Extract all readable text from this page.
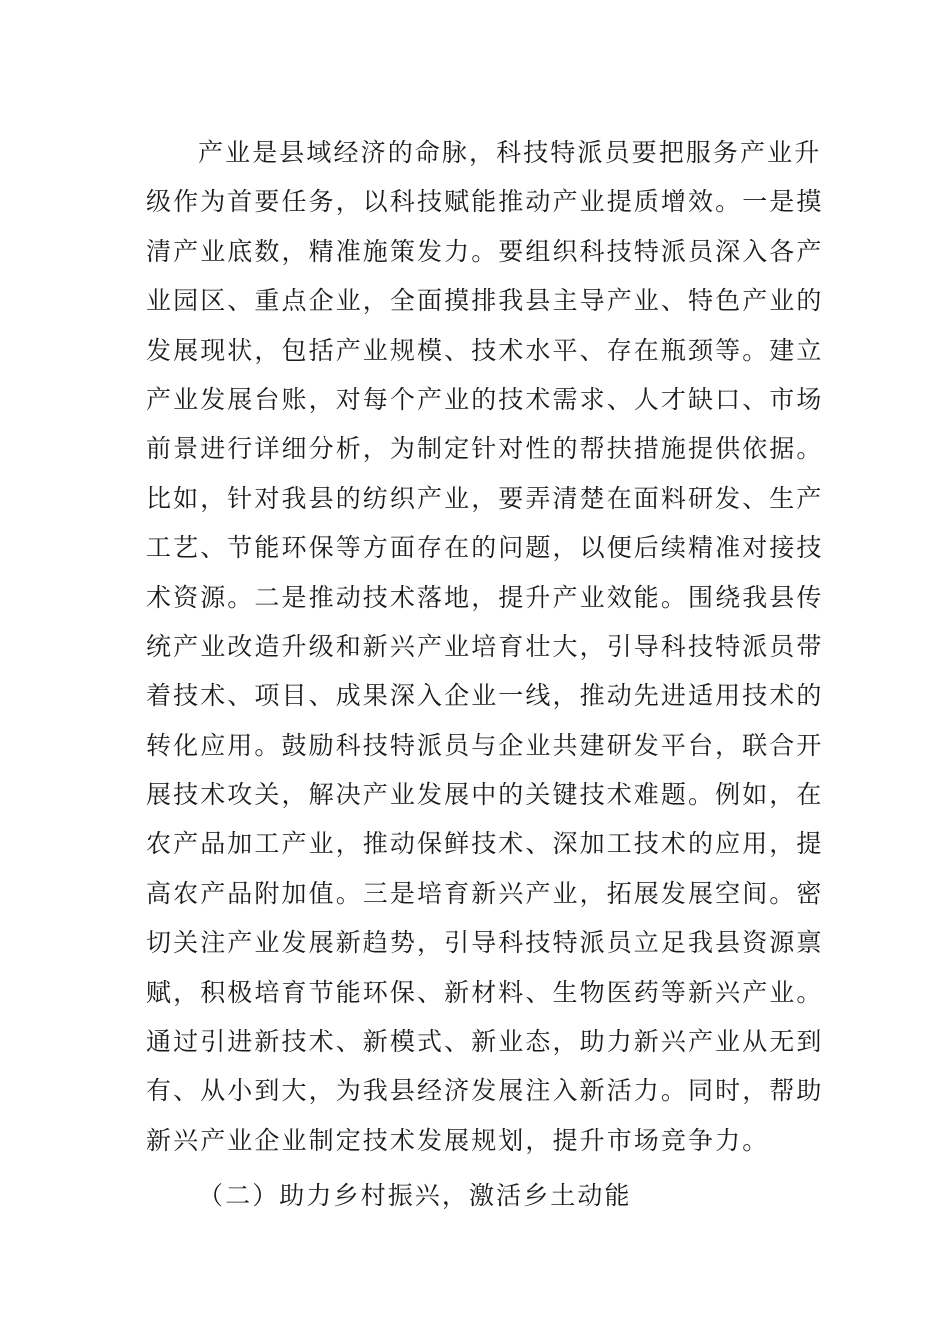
产业是县域经济的命脉，科技特派员要把服务产业升
级作为首要任务，以科技赋能推动产业提质增效。一是摸
清产业底数，精准施策发力。要组织科技特派员深入各产
业园区、重点企业，全面摸排我县主导产业、特色产业的
发展现状，包括产业规模、技术水平、存在瓶颈等。建立
产业发展台账，对每个产业的技术需求、人才缺口、市场
前景进行详细分析，为制定针对性的帮扶措施提供依据。
比如，针对我县的纺织产业，要弄清楚在面料研发、生产
工艺、节能环保等方面存在的问题，以便后续精准对接技
术资源。二是推动技术落地，提升产业效能。围绕我县传
统产业改造升级和新兴产业培育壮大，引导科技特派员带
着技术、项目、成果深入企业一线，推动先进适用技术的
转化应用。鼓励科技特派员与企业共建研发平台，联合开
展技术攻关，解决产业发展中的关键技术难题。例如，在
农产品加工产业，推动保鲜技术、深加工技术的应用，提
高农产品附加值。三是培育新兴产业，拓展发展空间。密
切关注产业发展新趋势，引导科技特派员立足我县资源禀
赋，积极培育节能环保、新材料、生物医药等新兴产业。
通过引进新技术、新模式、新业态，助力新兴产业从无到
有、从小到大，为我县经济发展注入新活力。同时，帮助
新兴产业企业制定技术发展规划，提升市场竞争力。

（二）助力乡村振兴，激活乡土动能
